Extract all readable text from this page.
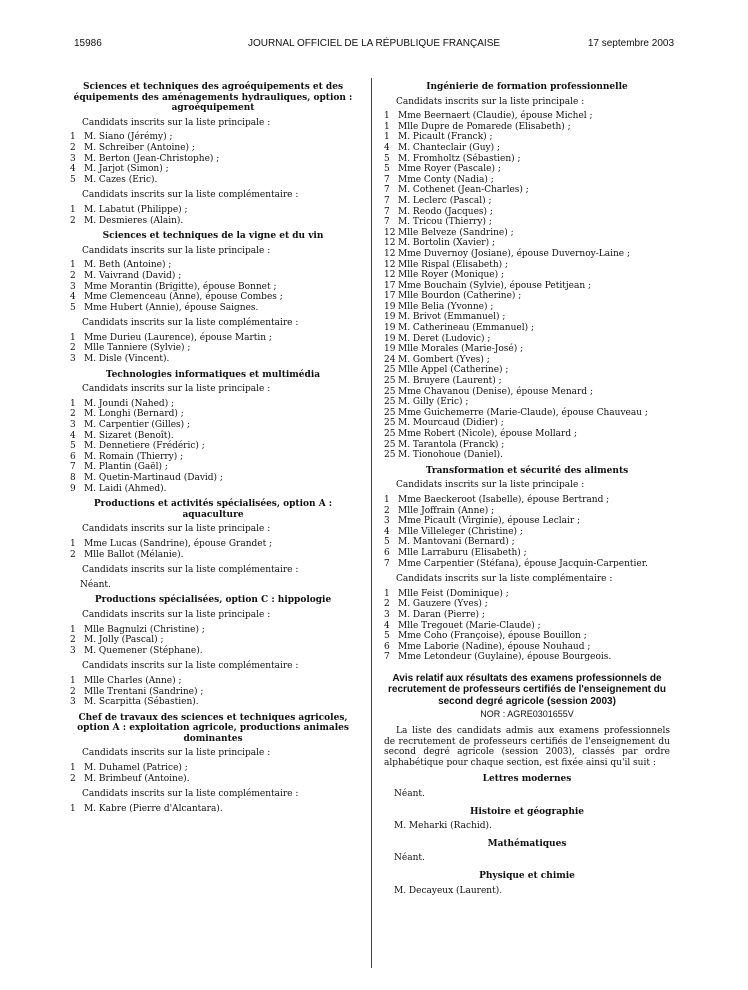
15986	JOURNAL OFFICIEL DE LA RÉPUBLIQUE FRANÇAISE	17 septembre 2003
Sciences et techniques des agroéquipements et des équipements des aménagements hydrauliques, option : agroéquipement
Candidats inscrits sur la liste principale :
1 M. Siano (Jérémy) ;
2 M. Schreiber (Antoine) ;
3 M. Berton (Jean-Christophe) ;
4 M. Jarjot (Simon) ;
5 M. Cazes (Eric).
Candidats inscrits sur la liste complémentaire :
1 M. Labatut (Philippe) ;
2 M. Desmieres (Alain).
Sciences et techniques de la vigne et du vin
Candidats inscrits sur la liste principale :
1 M. Beth (Antoine) ;
2 M. Vaivrand (David) ;
3 Mme Morantin (Brigitte), épouse Bonnet ;
4 Mme Clemenceau (Anne), épouse Combes ;
5 Mme Hubert (Annie), épouse Saignes.
Candidats inscrits sur la liste complémentaire :
1 Mme Durieu (Laurence), épouse Martin ;
2 Mlle Tanniere (Sylvie) ;
3 M. Disle (Vincent).
Technologies informatiques et multimédia
Candidats inscrits sur la liste principale :
1 M. Joundi (Nahed) ;
2 M. Longhi (Bernard) ;
3 M. Carpentier (Gilles) ;
4 M. Sizaret (Benoît).
5 M. Dennetiere (Frédéric) ;
6 M. Romain (Thierry) ;
7 M. Plantin (Gaël) ;
8 M. Quetin-Martinaud (David) ;
9 M. Laidi (Ahmed).
Productions et activités spécialisées, option A : aquaculture
Candidats inscrits sur la liste principale :
1 Mme Lucas (Sandrine), épouse Grandet ;
2 Mlle Ballot (Mélanie).
Candidats inscrits sur la liste complémentaire :
Néant.
Productions spécialisées, option C : hippologie
Candidats inscrits sur la liste principale :
1 Mlle Bagnulzi (Christine) ;
2 M. Jolly (Pascal) ;
3 M. Quemener (Stéphane).
Candidats inscrits sur la liste complémentaire :
1 Mlle Charles (Anne) ;
2 Mlle Trentani (Sandrine) ;
3 M. Scarpitta (Sébastien).
Chef de travaux des sciences et techniques agricoles, option A : exploitation agricole, productions animales dominantes
Candidats inscrits sur la liste principale :
1 M. Duhamel (Patrice) ;
2 M. Brimbeuf (Antoine).
Candidats inscrits sur la liste complémentaire :
1 M. Kabre (Pierre d'Alcantara).
Ingénierie de formation professionnelle
Candidats inscrits sur la liste principale :
1 Mme Beernaert (Claudie), épouse Michel ;
1 Mlle Dupre de Pomarede (Elisabeth) ;
1 M. Picault (Franck) ;
4 M. Chanteclair (Guy) ;
5 M. Fromholtz (Sébastien) ;
5 Mme Royer (Pascale) ;
7 Mme Conty (Nadia) ;
7 M. Cothenet (Jean-Charles) ;
7 M. Leclerc (Pascal) ;
7 M. Reodo (Jacques) ;
7 M. Tricou (Thierry) ;
12 Mlle Belveze (Sandrine) ;
12 M. Bortolin (Xavier) ;
12 Mme Duvernoy (Josiane), épouse Duvernoy-Laine ;
12 Mlle Rispal (Elisabeth) ;
12 Mlle Royer (Monique) ;
17 Mme Bouchain (Sylvie), épouse Petitjean ;
17 Mlle Bourdon (Catherine) ;
19 Mlle Belia (Yvonne) ;
19 M. Brivot (Emmanuel) ;
19 M. Catherineau (Emmanuel) ;
19 M. Deret (Ludovic) ;
19 Mlle Morales (Marie-José) ;
24 M. Gombert (Yves) ;
25 Mlle Appel (Catherine) ;
25 M. Bruyere (Laurent) ;
25 Mme Chavanou (Denise), épouse Menard ;
25 M. Gilly (Eric) ;
25 Mme Guichemerre (Marie-Claude), épouse Chauveau ;
25 M. Mourcaud (Didier) ;
25 Mme Robert (Nicole), épouse Mollard ;
25 M. Tarantola (Franck) ;
25 M. Tionohoue (Daniel).
Transformation et sécurité des aliments
Candidats inscrits sur la liste principale :
1 Mme Baeckeroot (Isabelle), épouse Bertrand ;
2 Mlle Joffrain (Anne) ;
3 Mme Picault (Virginie), épouse Leclair ;
4 Mlle Villeleger (Christine) ;
5 M. Mantovani (Bernard) ;
6 Mlle Larraburu (Elisabeth) ;
7 Mme Carpentier (Stéfana), épouse Jacquin-Carpentier.
Candidats inscrits sur la liste complémentaire :
1 Mlle Feist (Dominique) ;
2 M. Gauzere (Yves) ;
3 M. Daran (Pierre) ;
4 Mlle Tregouet (Marie-Claude) ;
5 Mme Coho (Françoise), épouse Bouillon ;
6 Mme Laborie (Nadine), épouse Nouhaud ;
7 Mme Letondeur (Guylaine), épouse Bourgeois.
Avis relatif aux résultats des examens professionnels de recrutement de professeurs certifiés de l'enseignement du second degré agricole (session 2003)
NOR : AGRE0301655V
La liste des candidats admis aux examens professionnels de recrutement de professeurs certifiés de l'enseignement du second degré agricole (session 2003), classés par ordre alphabétique pour chaque section, est fixée ainsi qu'il suit :
Lettres modernes
Néant.
Histoire et géographie
M. Meharki (Rachid).
Mathématiques
Néant.
Physique et chimie
M. Decayeux (Laurent).
